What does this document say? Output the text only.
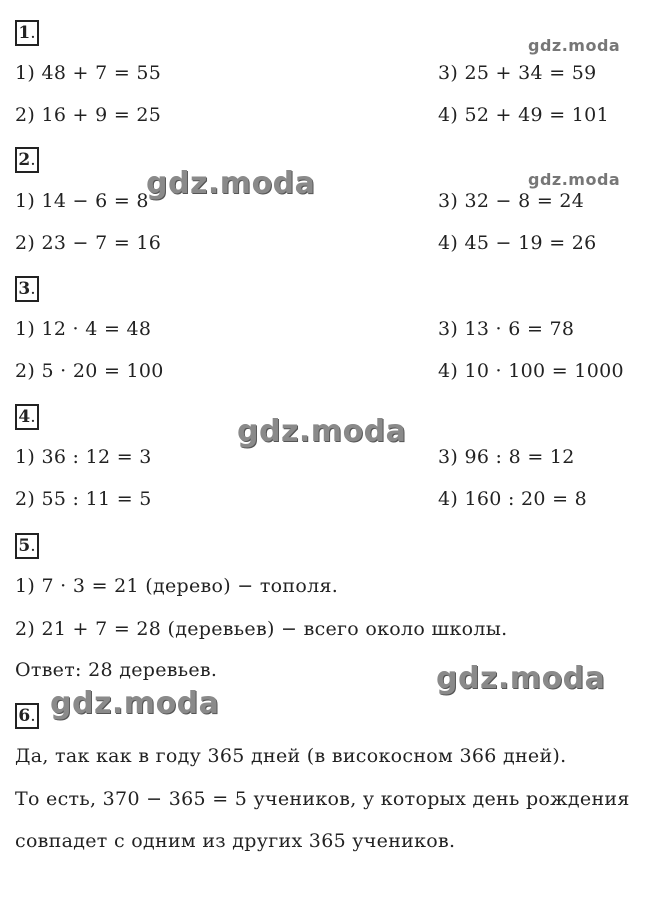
1.
gdz.moda
1) 48 + 7 = 55	3) 25 + 34 = 59
2) 16 + 9 = 25	4) 52 + 49 = 101
2.
gdz.moda
1) 14 − 6 = 8
gdz.moda	3) 32 − 8 = 24
2) 23 − 7 = 16	4) 45 − 19 = 26
3.
1) 12 · 4 = 48	3) 13 · 6 = 78
2) 5 · 20 = 100	4) 10 · 100 = 1000
4.	gdz.moda
1) 36 : 12 = 3	3) 96 : 8 = 12
2) 55 : 11 = 5	4) 160 : 20 = 8
5.
1) 7 · 3 = 21 (дерево) − тополя.
2) 21 + 7 = 28 (деревьев) − всего около школы.
Ответ: 28 деревьев.	gdz.moda
6. gdz.moda
Да, так как в году 365 дней (в високосном 366 дней).
То есть, 370 − 365 = 5 учеников, у которых день рождения
совпадет с одним из других 365 учеников.
